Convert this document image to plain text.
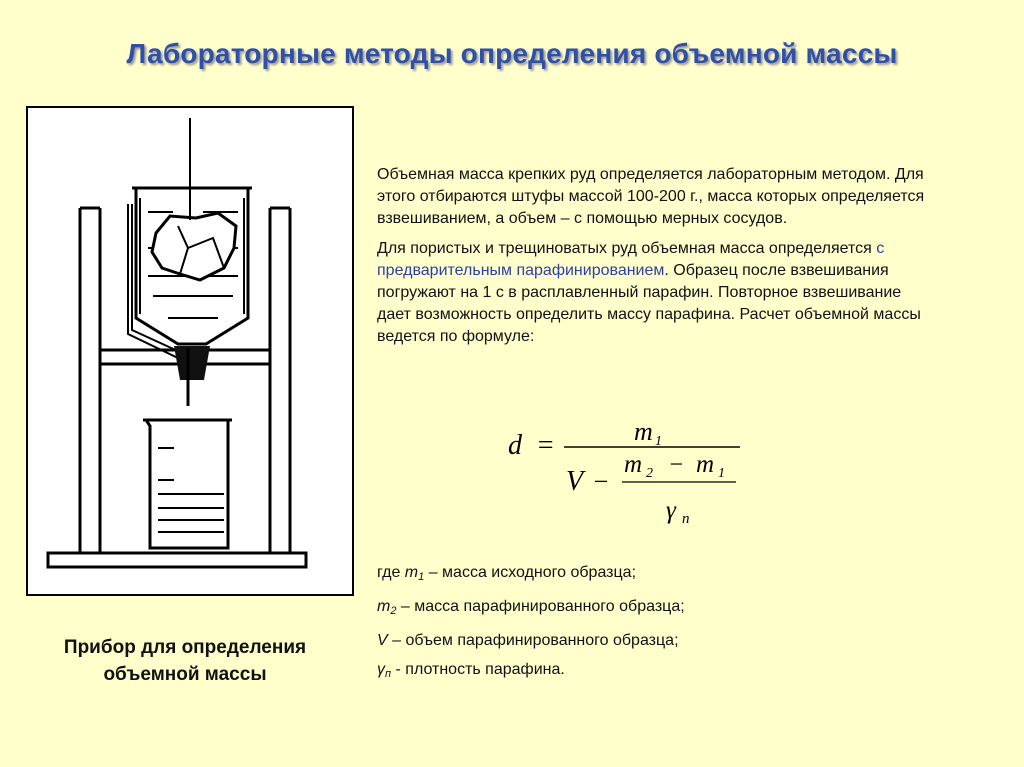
Лабораторные методы определения объемной массы
Прибор для определения объемной массы

Объемная масса крепких руд определяется лабораторным методом. Для этого отбираются штуфы массой 100-200 г., масса которых определяется взвешиванием, а объем – с помощью мерных сосудов.

Для пористых и трещиноватых руд объемная масса определяется с предварительным парафинированием. Образец после взвешивания погружают на 1 с в расплавленный парафин. Повторное взвешивание дает возможность определить массу парафина. Расчет объемной массы ведется по формуле:

d =	m 1
V −
m 2 − m 1
γ п
где $m_1$ – масса исходного образца;
$m_2$ – масса парафинированного образца;
V – объем парафинированного образца;
$\gamma_п$ - плотность парафина.
